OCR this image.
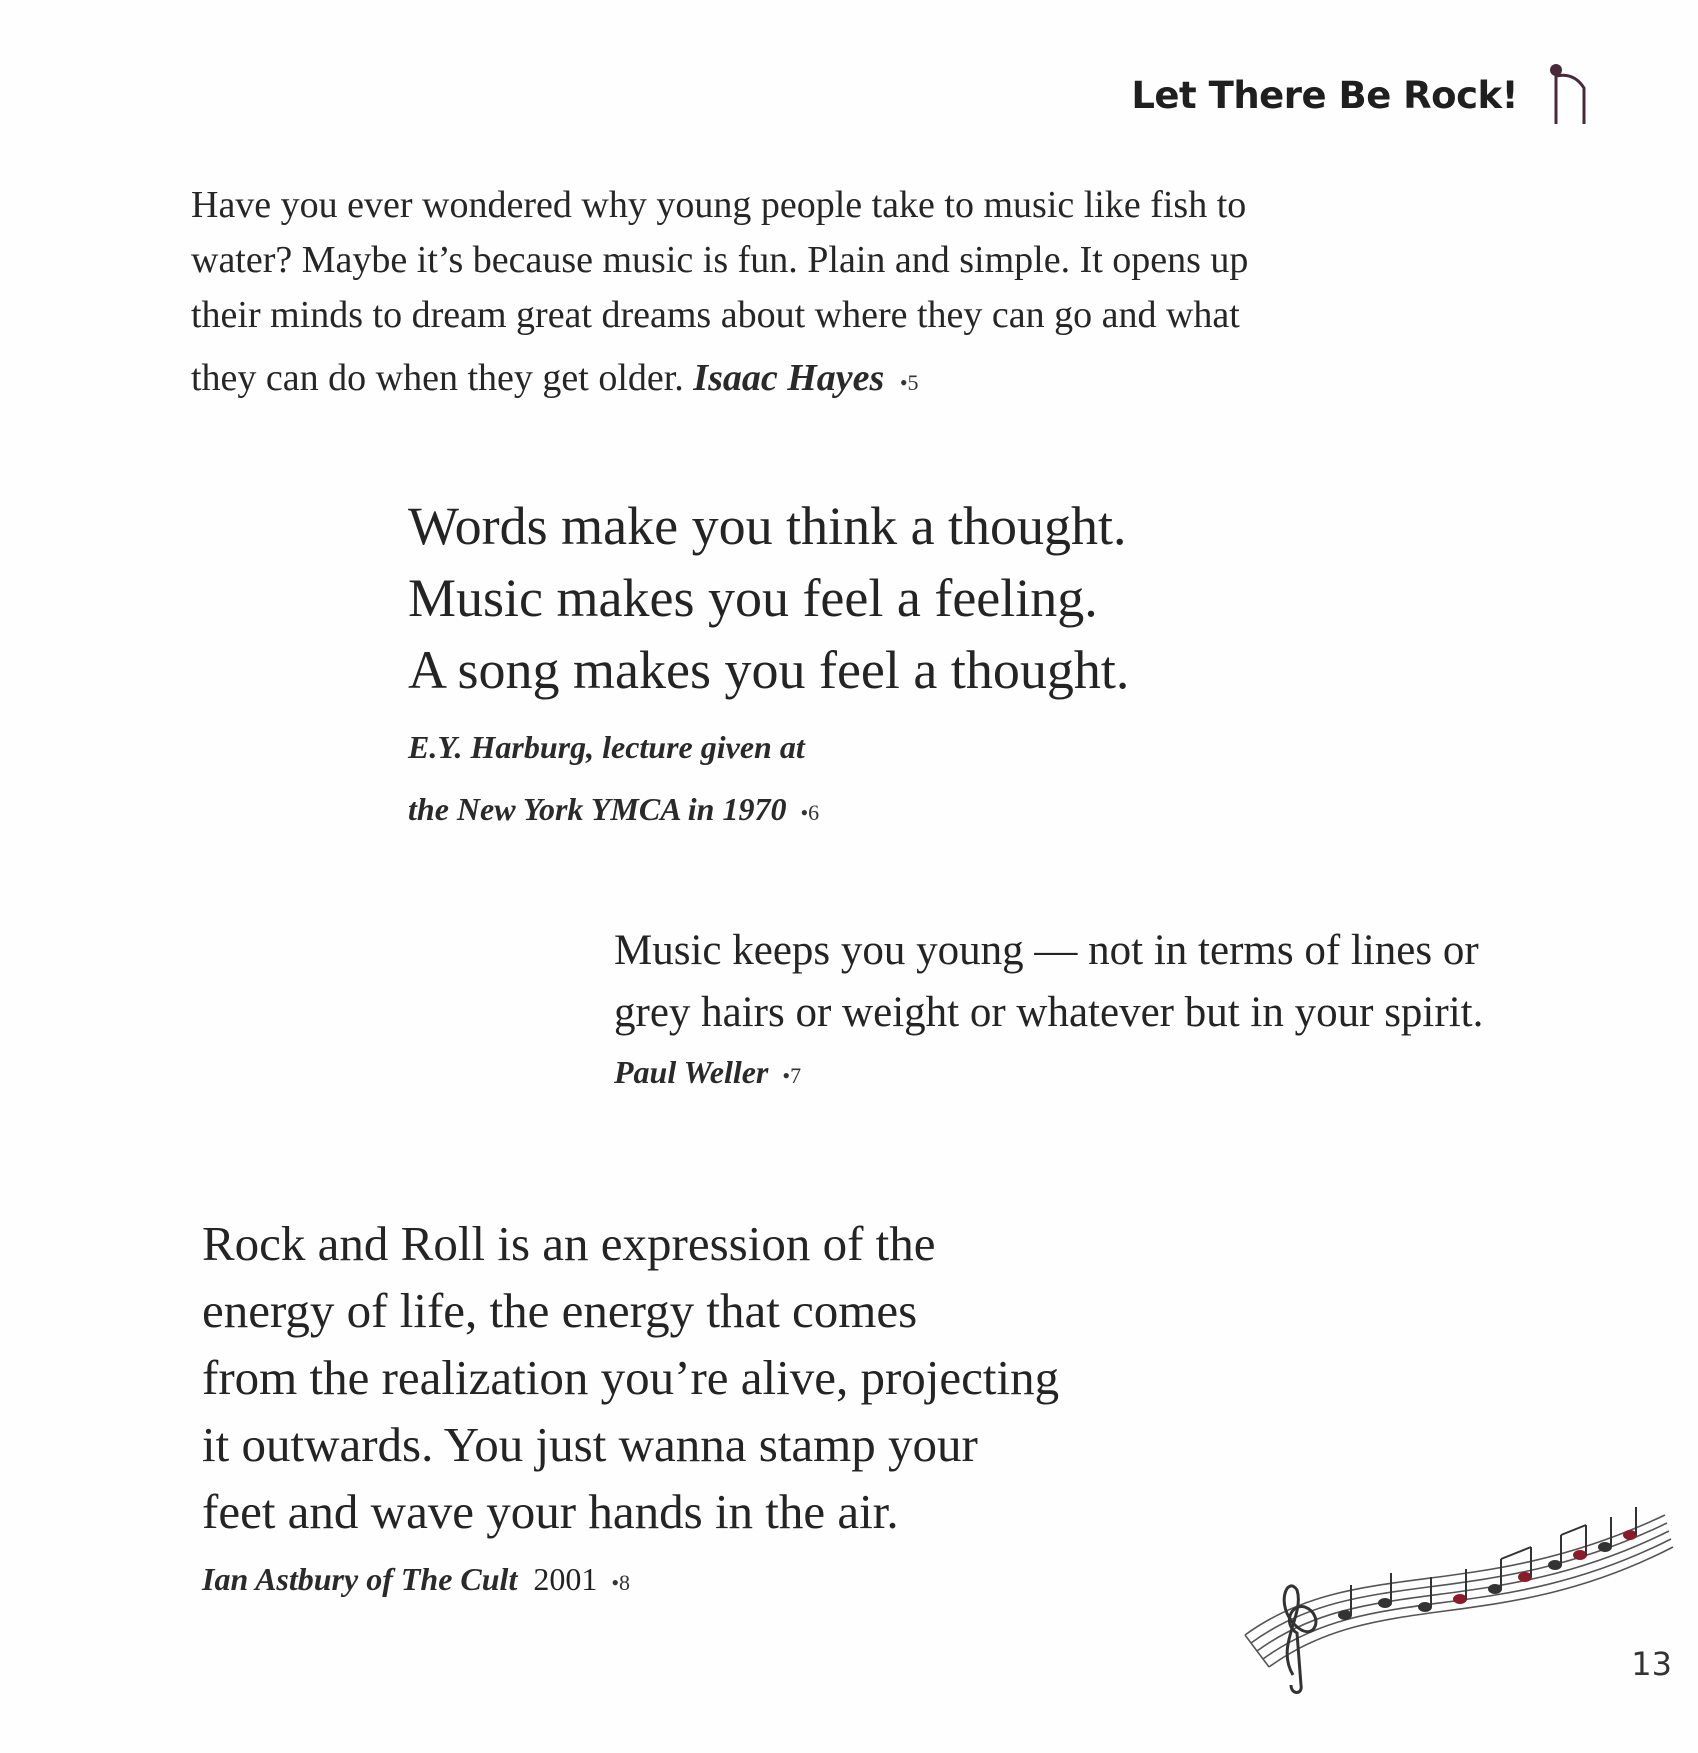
Let There Be Rock!
Have you ever wondered why young people take to music like fish to
water? Maybe it’s because music is fun. Plain and simple. It opens up
their minds to dream great dreams about where they can go and what
they can do when they get older. Isaac Hayes •5
Words make you think a thought.
Music makes you feel a feeling.
A song makes you feel a thought.
E.Y. Harburg, lecture given at
the New York YMCA in 1970 •6
Music keeps you young — not in terms of lines or
grey hairs or weight or whatever but in your spirit.
Paul Weller •7
Rock and Roll is an expression of the
energy of life, the energy that comes
from the realization you’re alive, projecting
it outwards. You just wanna stamp your
feet and wave your hands in the air.
Ian Astbury of The Cult 2001 •8
13
